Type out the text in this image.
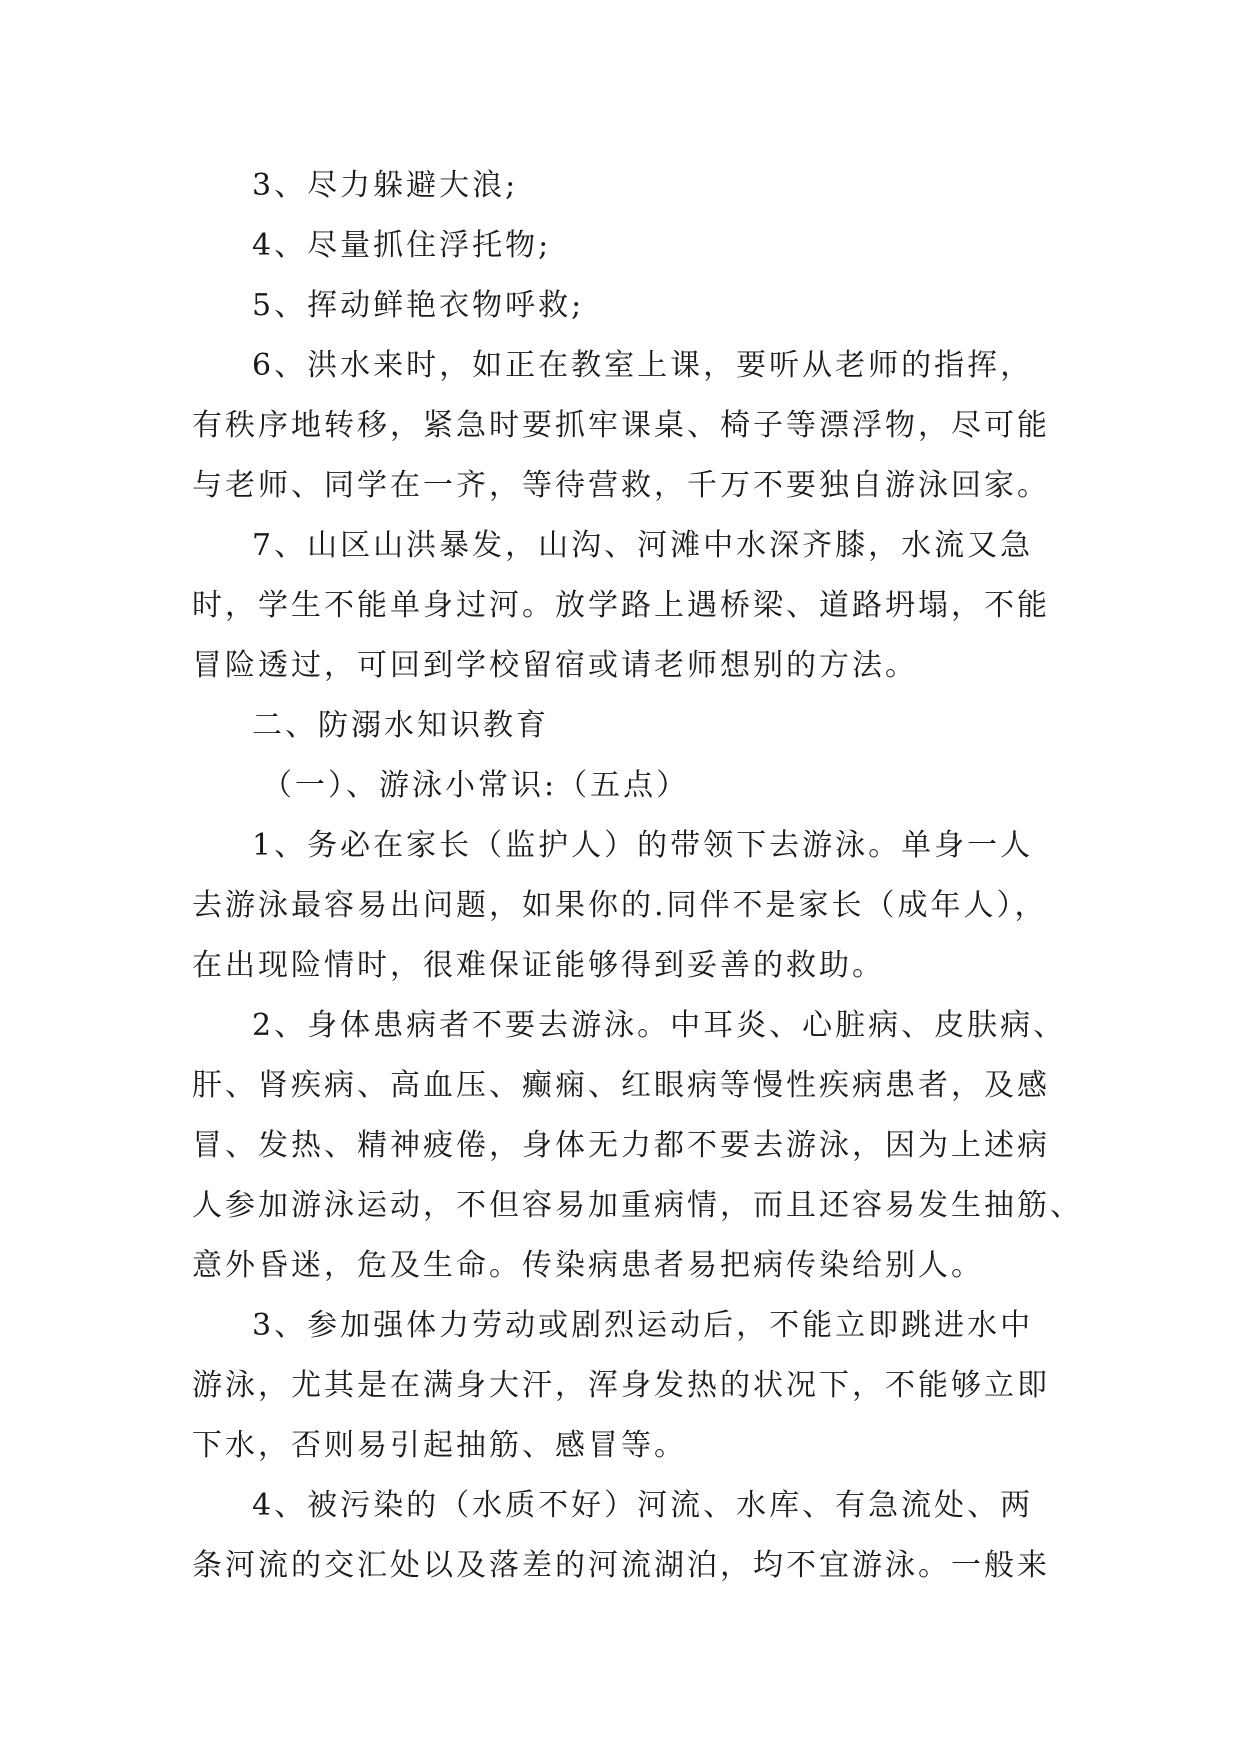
3、尽力躲避大浪;
4、尽量抓住浮托物;
5、挥动鲜艳衣物呼救;
6、洪水来时，如正在教室上课，要听从老师的指挥，
有秩序地转移，紧急时要抓牢课桌、椅子等漂浮物，尽可能
与老师、同学在一齐，等待营救，千万不要独自游泳回家。
7、山区山洪暴发，山沟、河滩中水深齐膝，水流又急
时，学生不能单身过河。放学路上遇桥梁、道路坍塌，不能
冒险透过，可回到学校留宿或请老师想别的方法。
二、防溺水知识教育
（一）、游泳小常识:（五点）
1、务必在家长（监护人）的带领下去游泳。单身一人
去游泳最容易出问题，如果你的.同伴不是家长（成年人），
在出现险情时，很难保证能够得到妥善的救助。
2、身体患病者不要去游泳。中耳炎、心脏病、皮肤病、
肝、肾疾病、高血压、癫痫、红眼病等慢性疾病患者，及感
冒、发热、精神疲倦，身体无力都不要去游泳，因为上述病
人参加游泳运动，不但容易加重病情，而且还容易发生抽筋、
意外昏迷，危及生命。传染病患者易把病传染给别人。
3、参加强体力劳动或剧烈运动后，不能立即跳进水中
游泳，尤其是在满身大汗，浑身发热的状况下，不能够立即
下水，否则易引起抽筋、感冒等。
4、被污染的（水质不好）河流、水库、有急流处、两
条河流的交汇处以及落差的河流湖泊，均不宜游泳。一般来
